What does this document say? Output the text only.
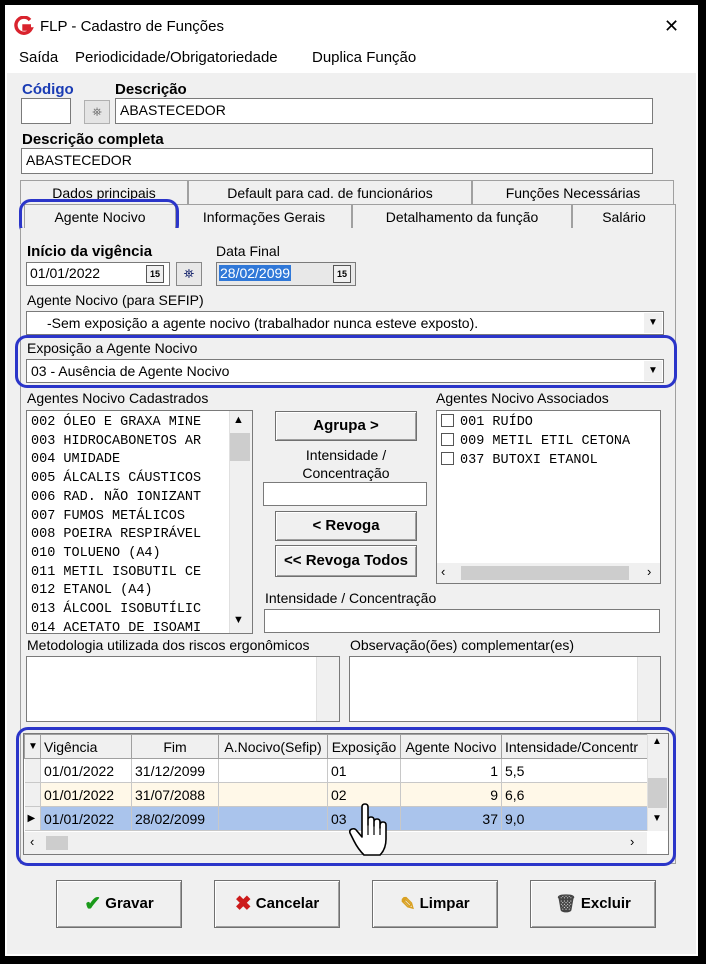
FLP - Cadastro de Funções	✕
Saída Periodicidade/Obrigatoriedade Duplica Função
Código
⛯
Descrição
ABASTECEDOR
Descrição completa
ABASTECEDOR
Dados principais	Default para cad. de funcionários	Funções Necessárias
Agente Nocivo	Informações Gerais	Detalhamento da função	Salário
Início da vigência
01/01/2022	15	⛯
Data Final
28/02/2099	15
Agente Nocivo (para SEFIP)
-Sem exposição a agente nocivo (trabalhador nunca esteve exposto).	▼
Exposição a Agente Nocivo
03 - Ausência de Agente Nocivo	▼
Agentes Nocivo Cadastrados
002 ÓLEO E GRAXA MINE
003 HIDROCABONETOS AR
004 UMIDADE
005 ÁLCALIS CÁUSTICOS
006 RAD. NÃO IONIZANT
007 FUMOS METÁLICOS
008 POEIRA RESPIRÁVEL
010 TOLUENO (A4)
011 METIL ISOBUTIL CE
012 ETANOL (A4)
013 ÁLCOOL ISOBUTÍLIC
014 ACETATO DE ISOAMI
▲
▼
Agrupa >
Intensidade / Concentração
< Revoga
<< Revoga Todos
Agentes Nocivo Associados
001 RUÍDO
009 METIL ETIL CETONA
037 BUTOXI ETANOL
‹	›
Intensidade / Concentração
Metodologia utilizada dos riscos ergonômicos	Observação(ões) complementar(es)
▼	Vigência	Fim	A.Nocivo(Sefip)	Exposição	Agente Nocivo	Intensidade/Concentr
	01/01/2022	31/12/2099		01	1	5,5
	01/01/2022	31/07/2088		02	9	6,6
▶	01/01/2022	28/02/2099		03	37	9,0
▲
▼
‹	›
✔ Gravar	✖ Cancelar	✎ Limpar	🗑 Excluir
